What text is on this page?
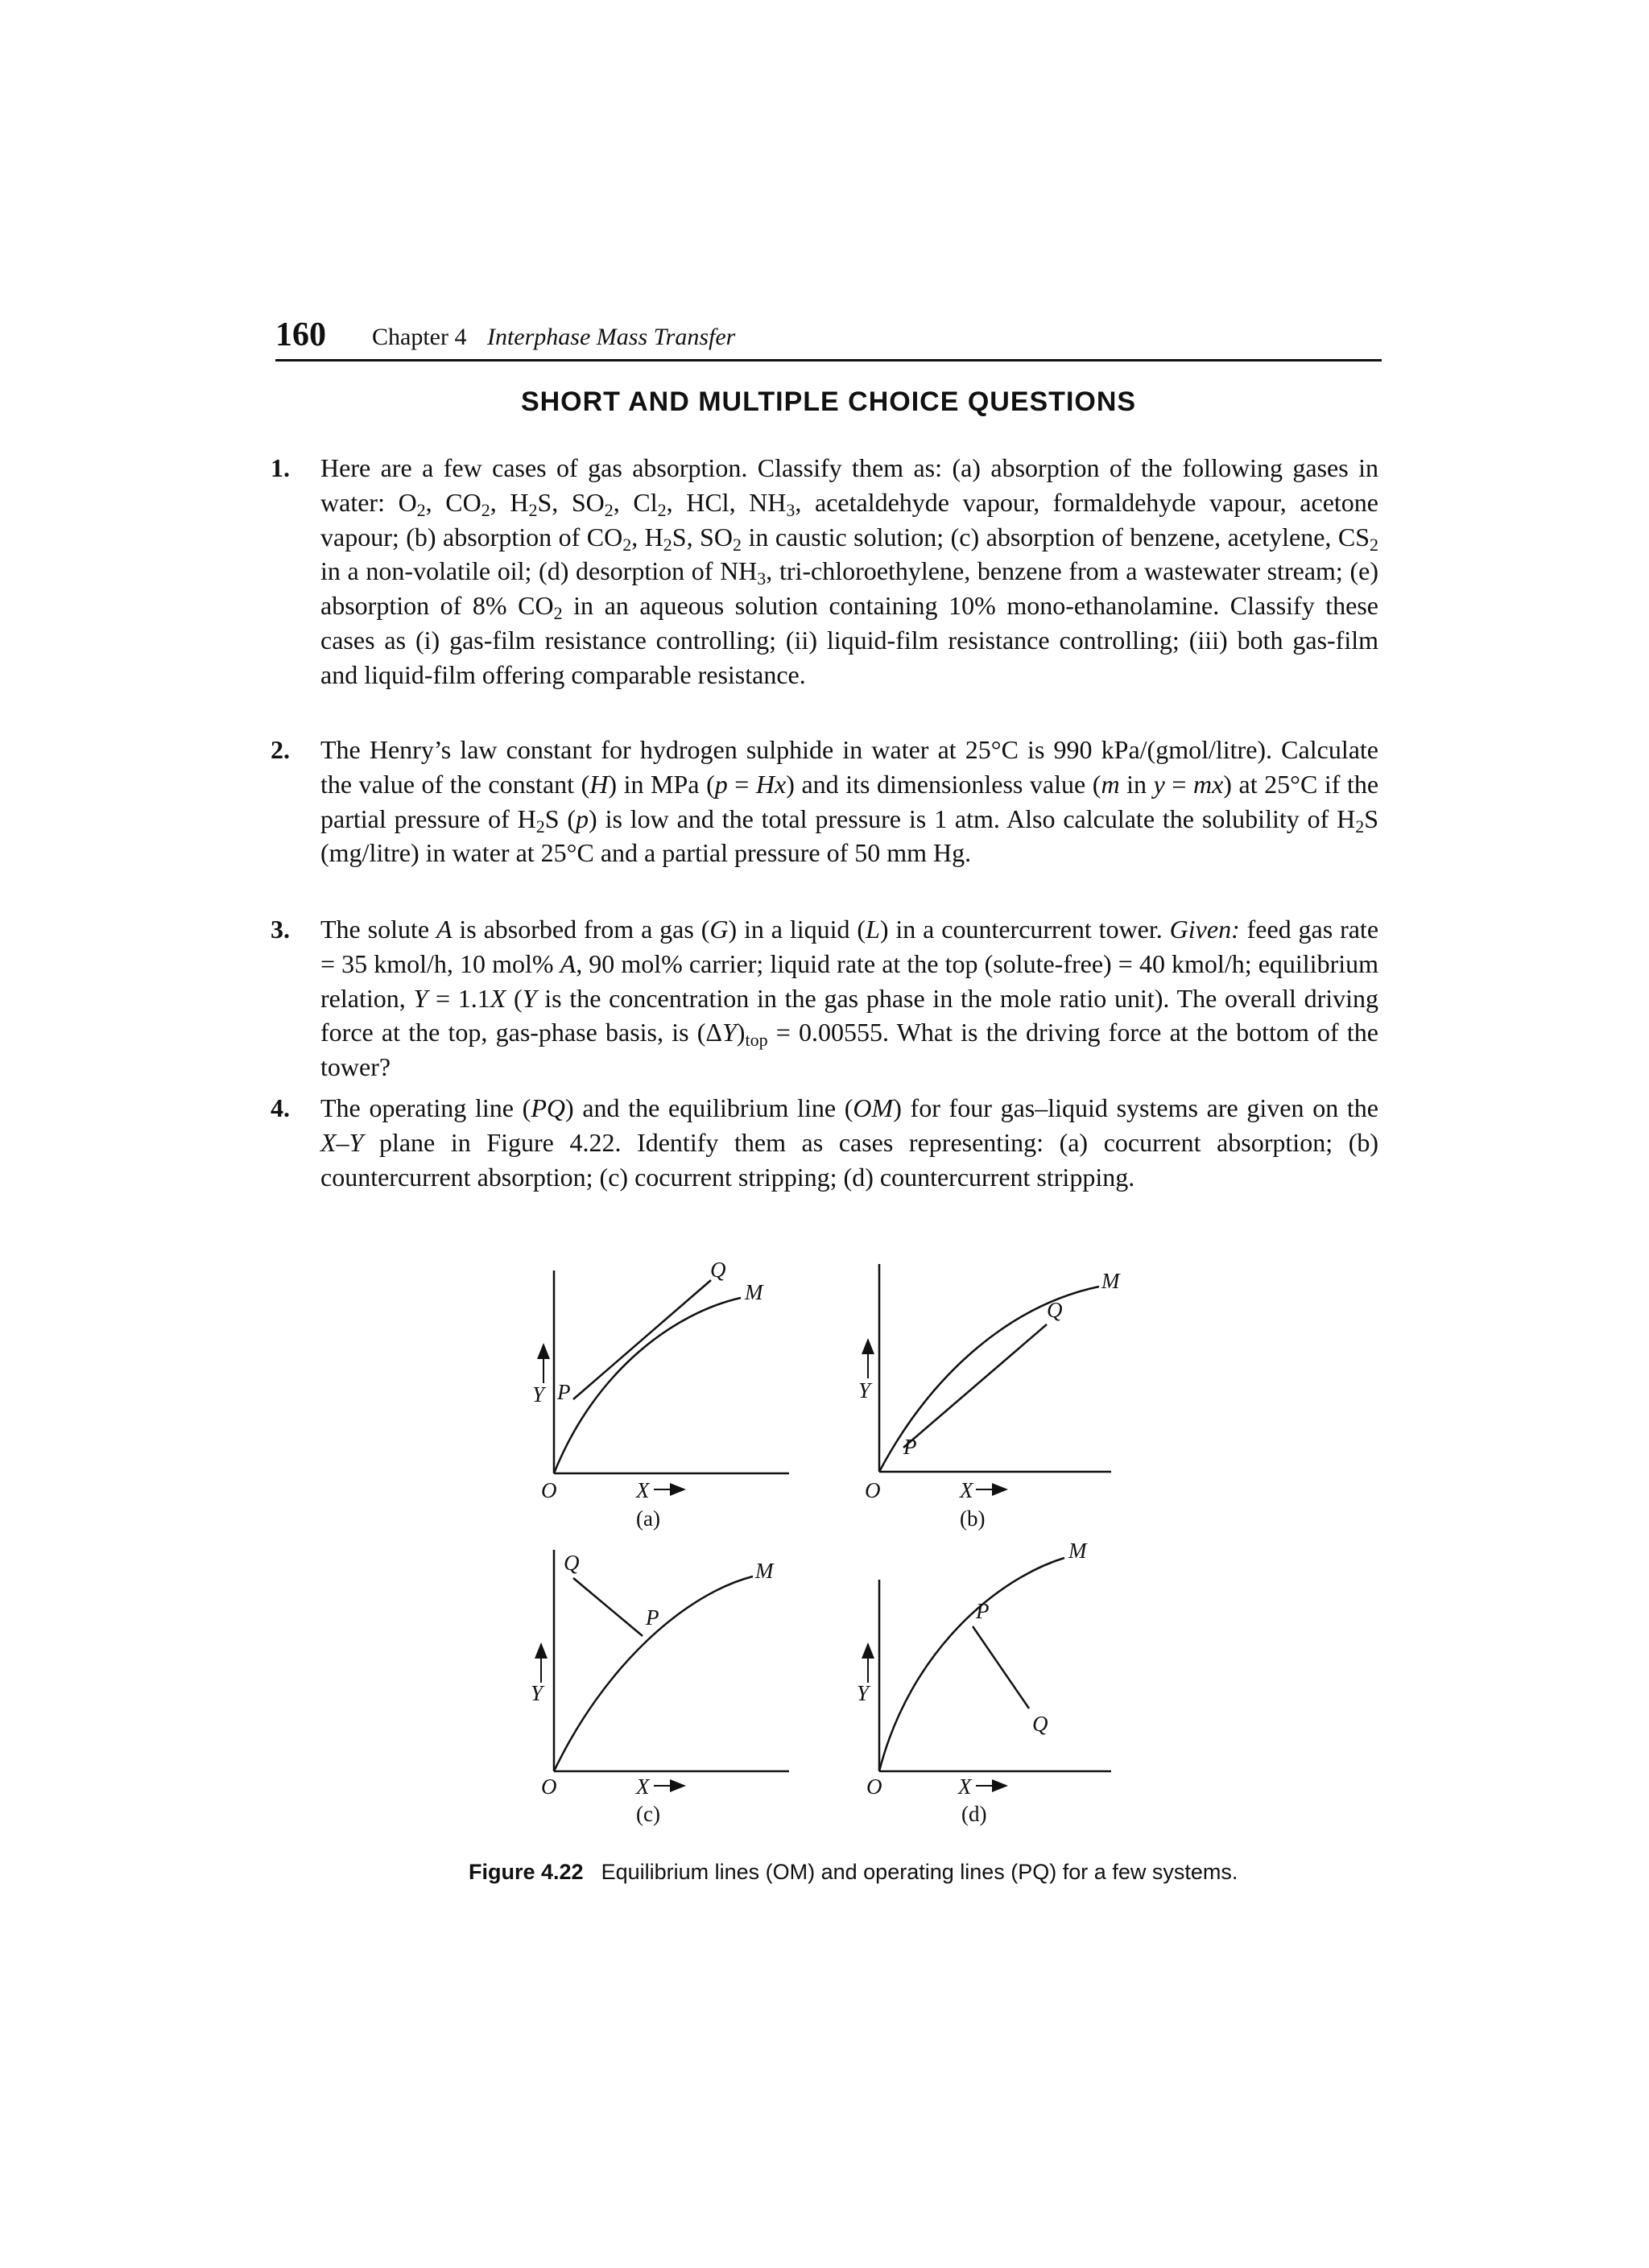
160 Chapter 4 Interphase Mass Transfer
SHORT AND MULTIPLE CHOICE QUESTIONS
1. Here are a few cases of gas absorption. Classify them as: (a) absorption of the following gases in water: $O_2$, $CO_2$, $H_2S$, $SO_2$, $Cl_2$, HCl, $NH_3$, acetaldehyde vapour, formaldehyde vapour, acetone vapour; (b) absorption of $CO_2$, $H_2S$, $SO_2$ in caustic solution; (c) absorption of benzene, acetylene, $CS_2$ in a non-volatile oil; (d) desorption of $NH_3$, tri-chloroethylene, benzene from a wastewater stream; (e) absorption of 8% $CO_2$ in an aqueous solution containing 10% mono-ethanolamine. Classify these cases as (i) gas-film resistance controlling; (ii) liquid-film resistance controlling; (iii) both gas-film and liquid-film offering comparable resistance.

2. The Henry’s law constant for hydrogen sulphide in water at 25°C is 990 kPa/(gmol/litre). Calculate the value of the constant (H) in MPa (p = Hx) and its dimensionless value (m in y = mx) at 25°C if the partial pressure of $H_2S$ (p) is low and the total pressure is 1 atm. Also calculate the solubility of $H_2S$ (mg/litre) in water at 25°C and a partial pressure of 50 mm Hg.

3. The solute A is absorbed from a gas (G) in a liquid (L) in a countercurrent tower. Given: feed gas rate = 35 kmol/h, 10 mol% A, 90 mol% carrier; liquid rate at the top (solute-free) = 40 kmol/h; equilibrium relation, Y = 1.1X (Y is the concentration in the gas phase in the mole ratio unit). The overall driving force at the top, gas-phase basis, is $(\Delta Y)_{top} = 0.00555$. What is the driving force at the bottom of the tower?

4. The operating line (PQ) and the equilibrium line (OM) for four gas–liquid systems are given on the X–Y plane in Figure 4.22. Identify them as cases representing: (a) cocurrent absorption; (b) countercurrent absorption; (c) cocurrent stripping; (d) countercurrent stripping.

Y P
Q
M
O	X
(a)
Y
P
Q
M
O	X
(b)
Y
Q
P
M
O	X
(c)
Y
P
Q
M
O	X
(d)
Figure 4.22 Equilibrium lines (OM) and operating lines (PQ) for a few systems.
